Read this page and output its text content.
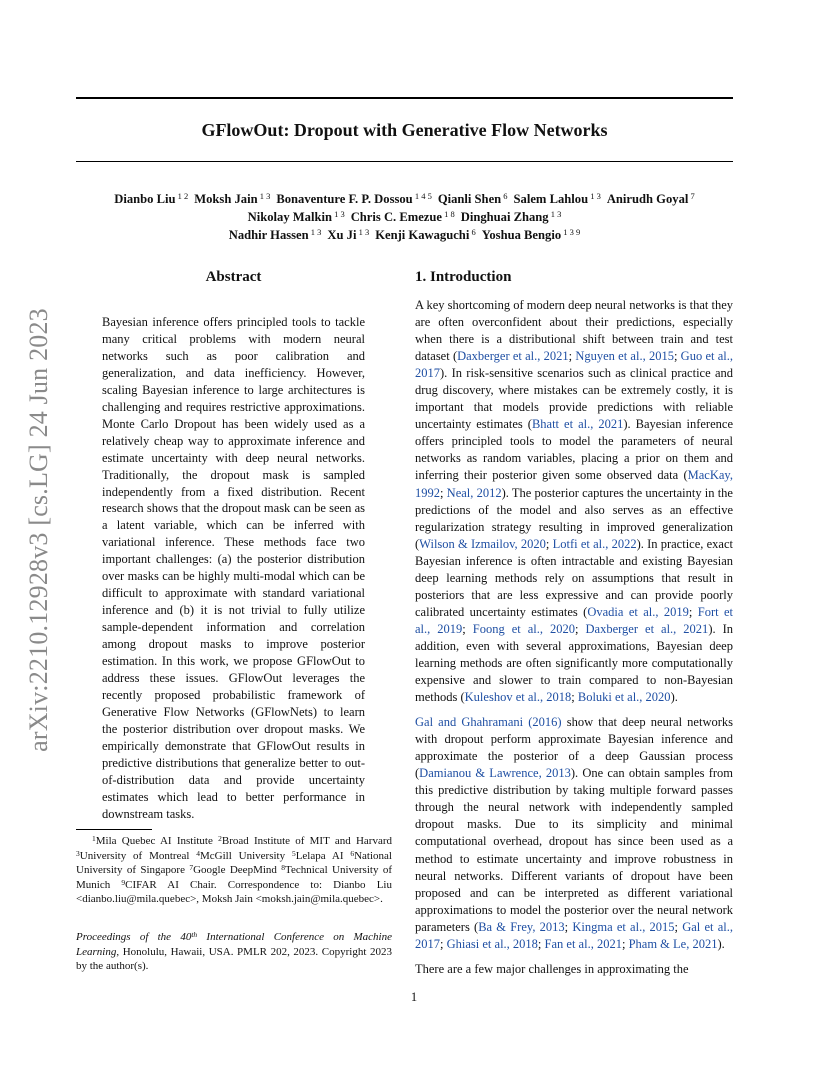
arXiv:2210.12928v3 [cs.LG] 24 Jun 2023
GFlowOut: Dropout with Generative Flow Networks
Dianbo Liu $^{1 2}$ Moksh Jain $^{1 3}$ Bonaventure F. P. Dossou $^{1 4 5}$ Qianli Shen $^6$ Salem Lahlou $^{1 3}$ Anirudh Goyal $^7$
Nikolay Malkin $^{1 3}$ Chris C. Emezue $^{1 8}$ Dinghuai Zhang $^{1 3}$
Nadhir Hassen $^{1 3}$ Xu Ji $^{1 3}$ Kenji Kawaguchi $^6$ Yoshua Bengio $^{1 3 9}$
Abstract
Bayesian inference offers principled tools to tackle many critical problems with modern neural networks such as poor calibration and generalization, and data inefficiency. However, scaling Bayesian inference to large architectures is challenging and requires restrictive approximations. Monte Carlo Dropout has been widely used as a relatively cheap way to approximate inference and estimate uncertainty with deep neural networks. Traditionally, the dropout mask is sampled independently from a fixed distribution. Recent research shows that the dropout mask can be seen as a latent variable, which can be inferred with variational inference. These methods face two important challenges: (a) the posterior distribution over masks can be highly multi-modal which can be difficult to approximate with standard variational inference and (b) it is not trivial to fully utilize sample-dependent information and correlation among dropout masks to improve posterior estimation. In this work, we propose GFlowOut to address these issues. GFlowOut leverages the recently proposed probabilistic framework of Generative Flow Networks (GFlowNets) to learn the posterior distribution over dropout masks. We empirically demonstrate that GFlowOut results in predictive distributions that generalize better to out-of-distribution data and provide uncertainty estimates which lead to better performance in downstream tasks.
1. Introduction

A key shortcoming of modern deep neural networks is that they are often overconfident about their predictions, especially when there is a distributional shift between train and test dataset (Daxberger et al., 2021; Nguyen et al., 2015; Guo et al., 2017). In risk-sensitive scenarios such as clinical practice and drug discovery, where mistakes can be extremely costly, it is important that models provide predictions with reliable uncertainty estimates (Bhatt et al., 2021). Bayesian inference offers principled tools to model the parameters of neural networks as random variables, placing a prior on them and inferring their posterior given some observed data (MacKay, 1992; Neal, 2012). The posterior captures the uncertainty in the predictions of the model and also serves as an effective regularization strategy resulting in improved generalization (Wilson & Izmailov, 2020; Lotfi et al., 2022). In practice, exact Bayesian inference is often intractable and existing Bayesian deep learning methods rely on assumptions that result in posteriors that are less expressive and can provide poorly calibrated uncertainty estimates (Ovadia et al., 2019; Fort et al., 2019; Foong et al., 2020; Daxberger et al., 2021). In addition, even with several approximations, Bayesian deep learning methods are often significantly more computationally expensive and slower to train compared to non-Bayesian methods (Kuleshov et al., 2018; Boluki et al., 2020).

Gal and Ghahramani (2016) show that deep neural networks with dropout perform approximate Bayesian inference and approximate the posterior of a deep Gaussian process (Damianou & Lawrence, 2013). One can obtain samples from this predictive distribution by taking multiple forward passes through the neural network with independently sampled dropout masks. Due to its simplicity and minimal computational overhead, dropout has since been used as a method to estimate uncertainty and improve robustness in neural networks. Different variants of dropout have been proposed and can be interpreted as different variational approximations to model the posterior over the neural network parameters (Ba & Frey, 2013; Kingma et al., 2015; Gal et al., 2017; Ghiasi et al., 2018; Fan et al., 2021; Pham & Le, 2021).

There are a few major challenges in approximating the

$^1$Mila Quebec AI Institute $^2$Broad Institute of MIT and Harvard $^3$University of Montreal $^4$McGill University $^5$Lelapa AI $^6$National University of Singapore $^7$Google DeepMind $^8$Technical University of Munich $^9$CIFAR AI Chair. Correspondence to: Dianbo Liu <dianbo.liu@mila.quebec>, Moksh Jain <moksh.jain@mila.quebec>.
Proceedings of the 40th International Conference on Machine Learning, Honolulu, Hawaii, USA. PMLR 202, 2023. Copyright 2023 by the author(s).
1
